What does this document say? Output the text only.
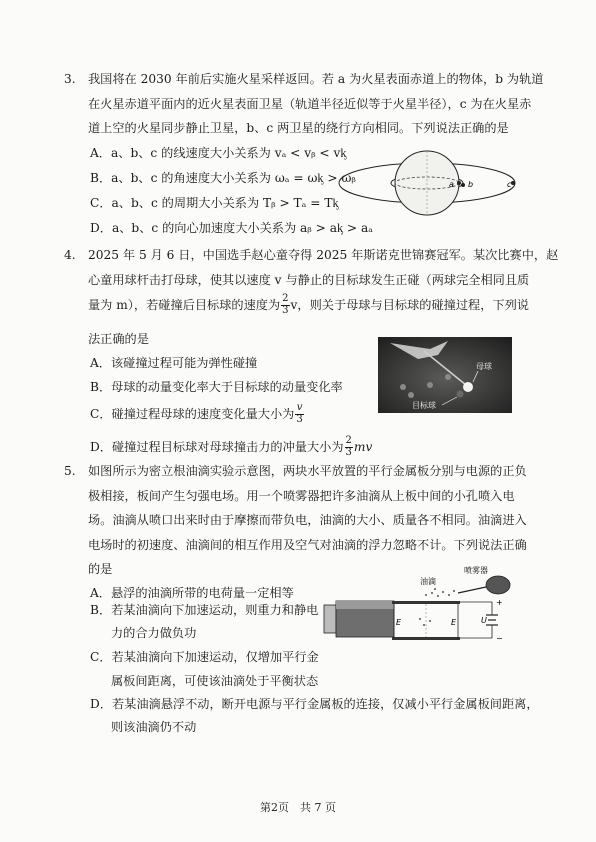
3. 我国将在 2030 年前后实施火星采样返回。若 a 为火星表面赤道上的物体，b 为轨道
在火星赤道平面内的近火星表面卫星（轨道半径近似等于火星半径），c 为在火星赤
道上空的火星同步静止卫星，b、c 两卫星的绕行方向相同。下列说法正确的是
A．a、b、c 的线速度大小关系为 vₐ < vᵦ < vᶄ
B．a、b、c 的角速度大小关系为 ωₐ = ωᶄ > ωᵦ
C．a、b、c 的周期大小关系为 Tᵦ > Tₐ = Tᶄ
D．a、b、c 的向心加速度大小关系为 aᵦ > aᶄ > aₐ
a b	c
4. 2025 年 5 月 6 日，中国选手赵心童夺得 2025 年斯诺克世锦赛冠军。某次比赛中，赵
心童用球杆击打母球，使其以速度 v 与静止的目标球发生正碰（两球完全相同且质
量为 m），若碰撞后目标球的速度为 $\frac{2}{3}$ v，则关于母球与目标球的碰撞过程，下列说
法正确的是
A．该碰撞过程可能为弹性碰撞
B．母球的动量变化率大于目标球的动量变化率
C．碰撞过程母球的速度变化量大小为 $\frac{v}{3}$
D．碰撞过程目标球对母球撞击力的冲量大小为 $\frac{2}{3}$ mv
母球
目标球
5. 如图所示为密立根油滴实验示意图，两块水平放置的平行金属板分别与电源的正负
极相接，板间产生匀强电场。用一个喷雾器把许多油滴从上板中间的小孔喷入电
场。油滴从喷口出来时由于摩擦而带负电，油滴的大小、质量各不相同。油滴进入
电场时的初速度、油滴间的相互作用及空气对油滴的浮力忽略不计。下列说法正确
的是
A．悬浮的油滴所带的电荷量一定相等
B．若某油滴向下加速运动，则重力和静电
力的合力做负功
C．若某油滴向下加速运动，仅增加平行金
属板间距离，可使该油滴处于平衡状态
D．若某油滴悬浮不动，断开电源与平行金属板的连接，仅减小平行金属板间距离，
则该油滴仍不动
E	E
油滴
喷雾器
+
−
U
第2页　共 7 页
